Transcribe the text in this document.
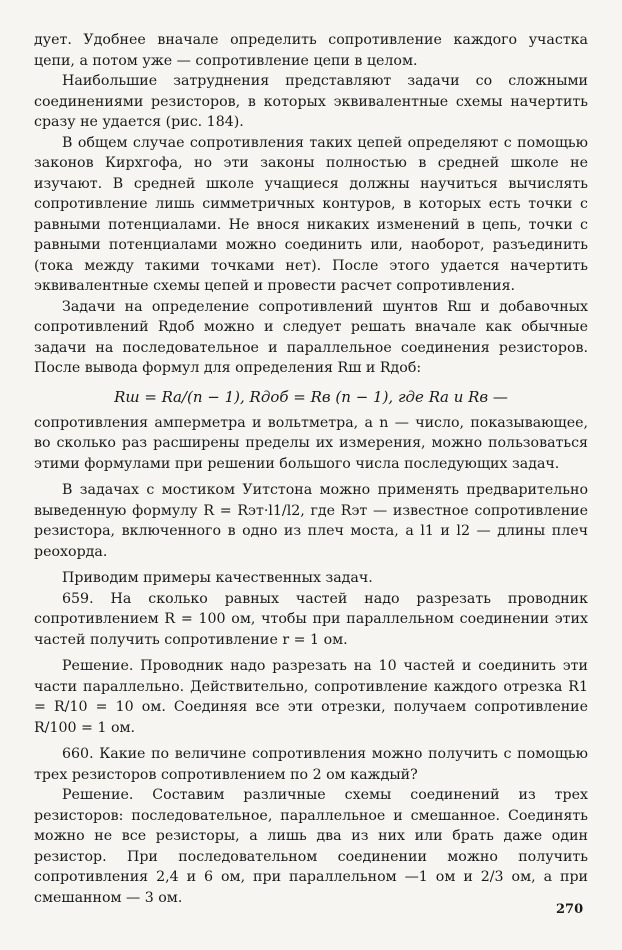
дует. Удобнее вначале определить сопротивление каждого участка цепи, а потом уже — сопротивление цепи в целом.

Наибольшие затруднения представляют задачи со сложными соединениями резисторов, в которых эквивалентные схемы начертить сразу не удается (рис. 184).

В общем случае сопротивления таких цепей определяют с помощью законов Кирхгофа, но эти законы полностью в средней школе не изучают. В средней школе учащиеся должны научиться вычислять сопротивление лишь симметричных контуров, в которых есть точки с равными потенциалами. Не внося никаких изменений в цепь, точки с равными потенциалами можно соединить или, наоборот, разъединить (тока между такими точками нет). После этого удается начертить эквивалентные схемы цепей и провести расчет сопротивления.

Задачи на определение сопротивлений шунтов Rш и добавочных сопротивлений Rдоб можно и следует решать вначале как обычные задачи на последовательное и параллельное соединения резисторов. После вывода формул для определения Rш и Rдоб:

Rш = Rа/(n − 1), Rдоб = Rв (n − 1), где Rа и Rв —

сопротивления амперметра и вольтметра, а n — число, показывающее, во сколько раз расширены пределы их измерения, можно пользоваться этими формулами при решении большого числа последующих задач.

В задачах с мостиком Уитстона можно применять предварительно выведенную формулу R = Rэт·l1/l2, где Rэт — известное сопротивление резистора, включенного в одно из плеч моста, а l1 и l2 — длины плеч реохорда.

Приводим примеры качественных задач.

659. На сколько равных частей надо разрезать проводник сопротивлением R = 100 ом, чтобы при параллельном соединении этих частей получить сопротивление r = 1 ом.

Решение. Проводник надо разрезать на 10 частей и соединить эти части параллельно. Действительно, сопротивление каждого отрезка R1 = R/10 = 10 ом. Соединяя все эти отрезки, получаем сопротивление R/100 = 1 ом.

660. Какие по величине сопротивления можно получить с помощью трех резисторов сопротивлением по 2 ом каждый?

Решение. Составим различные схемы соединений из трех резисторов: последовательное, параллельное и смешанное. Соединять можно не все резисторы, а лишь два из них или брать даже один резистор. При последовательном соединении можно получить сопротивления 2,4 и 6 ом, при параллельном —1 ом и 2/3 ом, а при смешанном — 3 ом.

270
